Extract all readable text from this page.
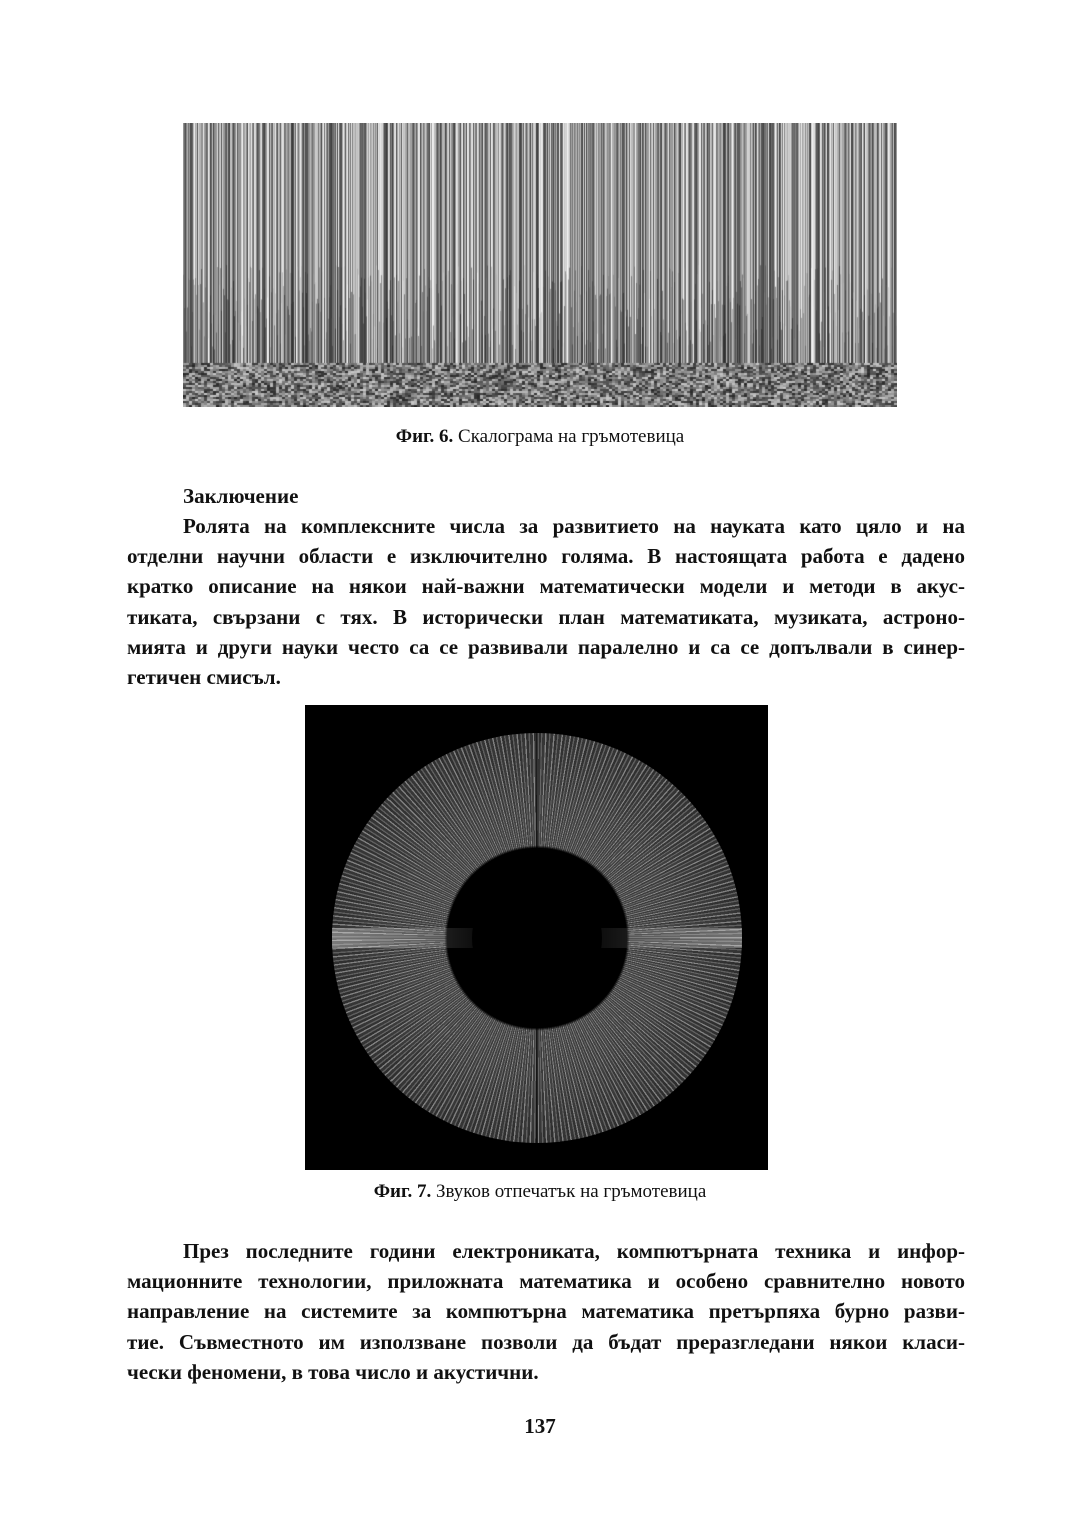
Фиг. 6. Скалограма на гръмотевица
Заключение
Ролята на комплексните числа за развитието на науката като цяло и на
отделни научни области е изключително голяма. В настоящата работа е дадено
кратко описание на някои най-важни математически модели и методи в акус-
тиката, свързани с тях. В исторически план математиката, музиката, астроно-
мията и други науки често са се развивали паралелно и са се допълвали в синер-
гетичен смисъл.
Фиг. 7. Звуков отпечатък на гръмотевица
През последните години електрониката, компютърната техника и инфор-
мационните технологии, приложната математика и особено сравнително новото
направление на системите за компютърна математика претърпяха бурно разви-
тие. Съвместното им използване позволи да бъдат преразгледани някои класи-
чески феномени, в това число и акустични.
137
